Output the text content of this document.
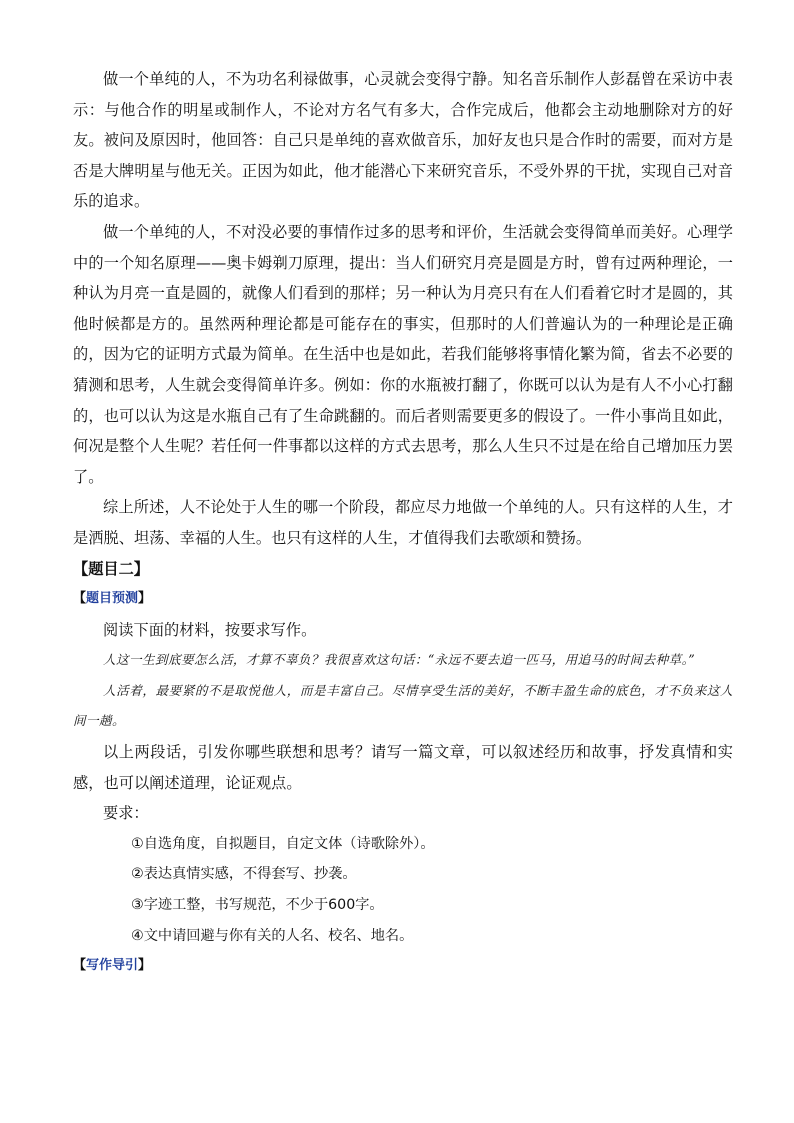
做一个单纯的人，不为功名利禄做事，心灵就会变得宁静。知名音乐制作人彭磊曾在采访中表示：与他合作的明星或制作人，不论对方名气有多大，合作完成后，他都会主动地删除对方的好友。被问及原因时，他回答：自己只是单纯的喜欢做音乐，加好友也只是合作时的需要，而对方是否是大牌明星与他无关。正因为如此，他才能潜心下来研究音乐，不受外界的干扰，实现自己对音乐的追求。

做一个单纯的人，不对没必要的事情作过多的思考和评价，生活就会变得简单而美好。心理学中的一个知名原理——奥卡姆剃刀原理，提出：当人们研究月亮是圆是方时，曾有过两种理论，一种认为月亮一直是圆的，就像人们看到的那样；另一种认为月亮只有在人们看着它时才是圆的，其他时候都是方的。虽然两种理论都是可能存在的事实，但那时的人们普遍认为的一种理论是正确的，因为它的证明方式最为简单。在生活中也是如此，若我们能够将事情化繁为简，省去不必要的猜测和思考，人生就会变得简单许多。例如：你的水瓶被打翻了，你既可以认为是有人不小心打翻的，也可以认为这是水瓶自己有了生命跳翻的。而后者则需要更多的假设了。一件小事尚且如此，何况是整个人生呢？若任何一件事都以这样的方式去思考，那么人生只不过是在给自己增加压力罢了。

综上所述，人不论处于人生的哪一个阶段，都应尽力地做一个单纯的人。只有这样的人生，才是洒脱、坦荡、幸福的人生。也只有这样的人生，才值得我们去歌颂和赞扬。

【题目二】

【题目预测】

阅读下面的材料，按要求写作。

人这一生到底要怎么活，才算不辜负？我很喜欢这句话：“永远不要去追一匹马，用追马的时间去种草。”

人活着，最要紧的不是取悦他人，而是丰富自己。尽情享受生活的美好，不断丰盈生命的底色，才不负来这人间一趟。

以上两段话，引发你哪些联想和思考？请写一篇文章，可以叙述经历和故事，抒发真情和实感，也可以阐述道理，论证观点。

要求：

①自选角度，自拟题目，自定文体（诗歌除外）。

②表达真情实感，不得套写、抄袭。

③字迹工整，书写规范，不少于600字。

④文中请回避与你有关的人名、校名、地名。

【写作导引】
